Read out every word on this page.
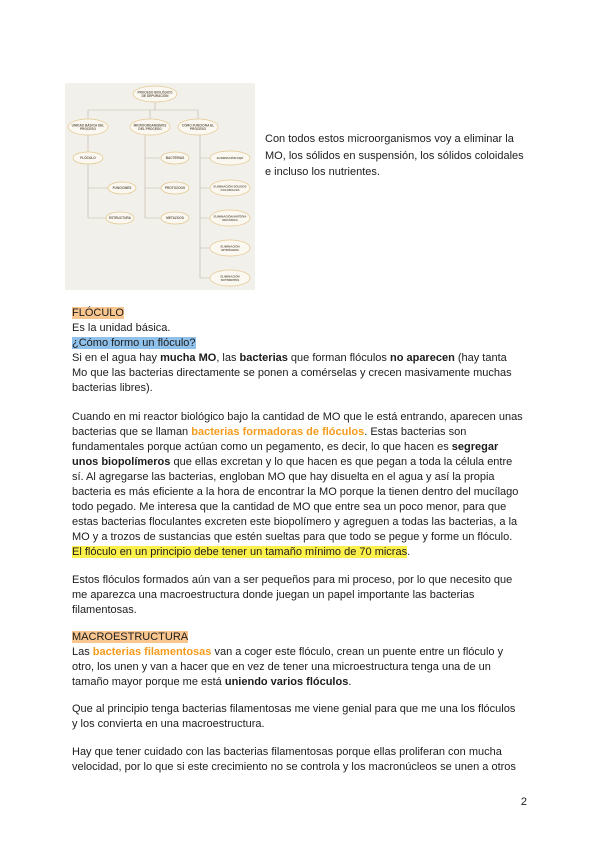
PROCESO BIOLÓGICO
DE DEPURACIÓN
UNIDAD BÁSICA DEL
PROCESO
FLÓCULO
FUNCIONES
ESTRUCTURA
MICROORGANISMOS
DEL PROCESO
BACTERIAS
PROTOZOOS
METAZOOS
CÓMO FUNCIONA EL
PROCESO
ELIMINACIÓN DQO
ELIMINACIÓN SÓLIDOS
COLOIDALES
ELIMINACIÓN MATERIA
ORGÁNICA
ELIMINACIÓN
NITRÓGENO
ELIMINACIÓN
NUTRIENTES
Con todos estos microorganismos voy a eliminar la
MO, los sólidos en suspensión, los sólidos coloidales
e incluso los nutrientes.
FLÓCULO
Es la unidad básica.
¿Cómo formo un flóculo?
Si en el agua hay mucha MO, las bacterias que forman flóculos no aparecen (hay tanta
Mo que las bacterias directamente se ponen a comérselas y crecen masivamente muchas
bacterias libres).
Cuando en mi reactor biológico bajo la cantidad de MO que le está entrando, aparecen unas
bacterias que se llaman bacterias formadoras de flóculos. Estas bacterias son
fundamentales porque actúan como un pegamento, es decir, lo que hacen es segregar
unos biopolímeros que ellas excretan y lo que hacen es que pegan a toda la célula entre
sí. Al agregarse las bacterias, engloban MO que hay disuelta en el agua y así la propia
bacteria es más eficiente a la hora de encontrar la MO porque la tienen dentro del mucílago
todo pegado. Me interesa que la cantidad de MO que entre sea un poco menor, para que
estas bacterias floculantes excreten este biopolímero y agreguen a todas las bacterias, a la
MO y a trozos de sustancias que estén sueltas para que todo se pegue y forme un flóculo.
El flóculo en un principio debe tener un tamaño mínimo de 70 micras.
Estos flóculos formados aún van a ser pequeños para mi proceso, por lo que necesito que
me aparezca una macroestructura donde juegan un papel importante las bacterias
filamentosas.
MACROESTRUCTURA
Las bacterias filamentosas van a coger este flóculo, crean un puente entre un flóculo y
otro, los unen y van a hacer que en vez de tener una microestructura tenga una de un
tamaño mayor porque me está uniendo varios flóculos.
Que al principio tenga bacterias filamentosas me viene genial para que me una los flóculos
y los convierta en una macroestructura.
Hay que tener cuidado con las bacterias filamentosas porque ellas proliferan con mucha
velocidad, por lo que si este crecimiento no se controla y los macronúcleos se unen a otros
2
